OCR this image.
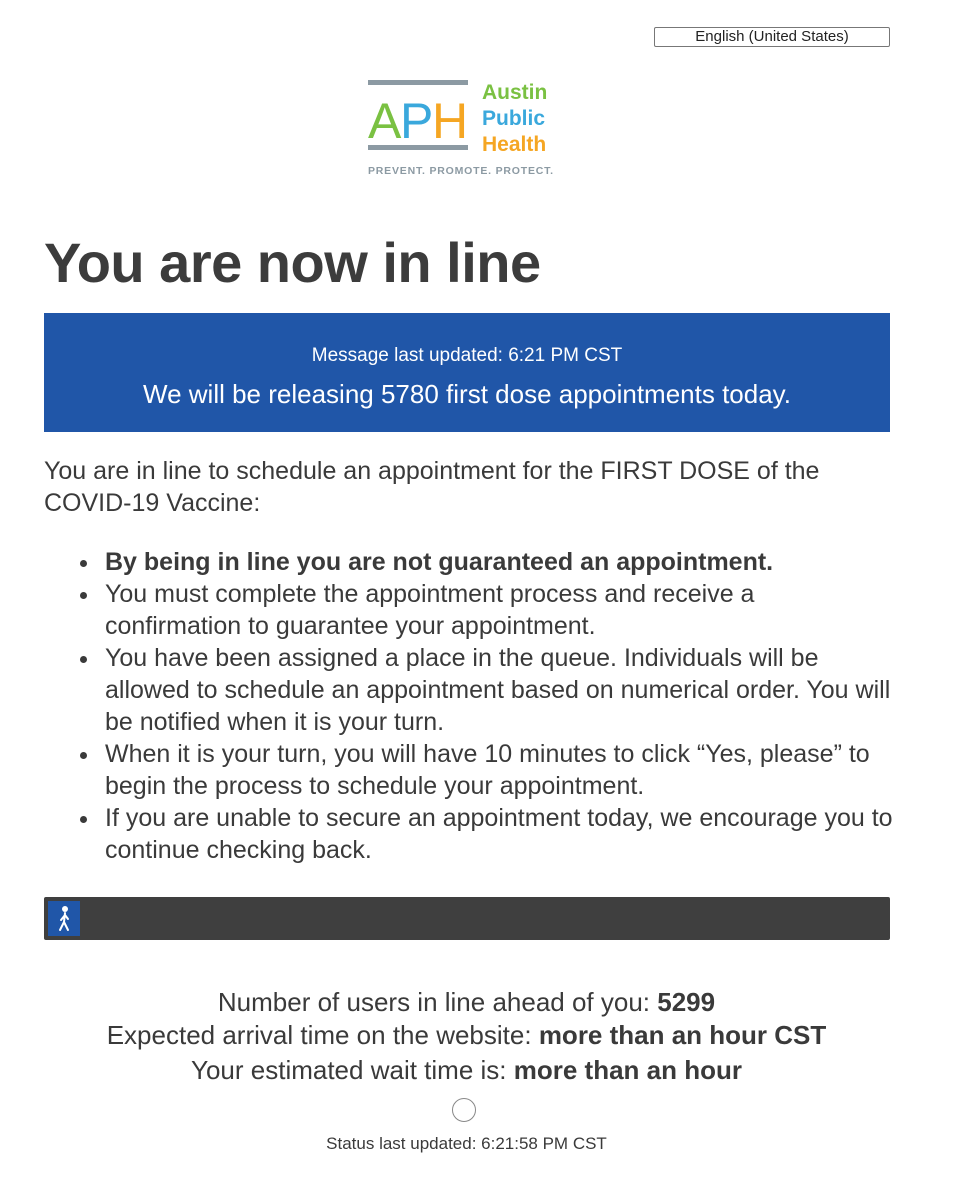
English (United States)
A P H
Austin
Public
Health
PREVENT. PROMOTE. PROTECT.
You are now in line
Message last updated: 6:21 PM CST
We will be releasing 5780 first dose appointments today.

You are in line to schedule an appointment for the FIRST DOSE of the COVID-19 Vaccine:

By being in line you are not guaranteed an appointment.
You must complete the appointment process and receive a confirmation to guarantee your appointment.
You have been assigned a place in the queue. Individuals will be allowed to schedule an appointment based on numerical order. You will be notified when it is your turn.
When it is your turn, you will have 10 minutes to click “Yes, please” to begin the process to schedule your appointment.
If you are unable to secure an appointment today, we encourage you to continue checking back.
Number of users in line ahead of you: 5299
Expected arrival time on the website: more than an hour CST
Your estimated wait time is: more than an hour
Status last updated: 6:21:58 PM CST
